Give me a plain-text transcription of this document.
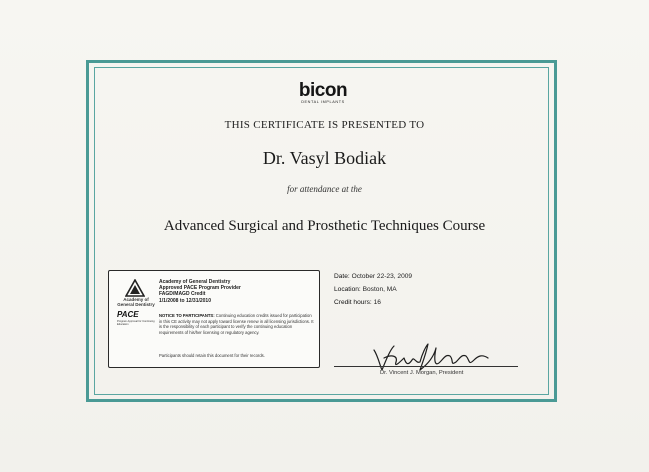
bicon
DENTAL IMPLANTS
THIS CERTIFICATE IS PRESENTED TO
Dr. Vasyl Bodiak
for attendance at the
Advanced Surgical and Prosthetic Techniques Course
Academy of General Dentistry
PACE
Program Approval for Continuing Education
Academy of General Dentistry
Approved PACE Program Provider
FAGD/MAGD Credit
1/1/2008 to 12/31/2010
NOTICE TO PARTICIPANTS: Continuing education credits issued for participation in this CE activity may not apply toward license renew in all licensing jurisdictions. It is the responsibility of each participant to verify the continuing education requirements of his/her licensing or regulatory agency.
Participants should retain this document for their records.
Date: October 22-23, 2009
Location: Boston, MA
Credit hours: 16
Dr. Vincent J. Morgan, President
